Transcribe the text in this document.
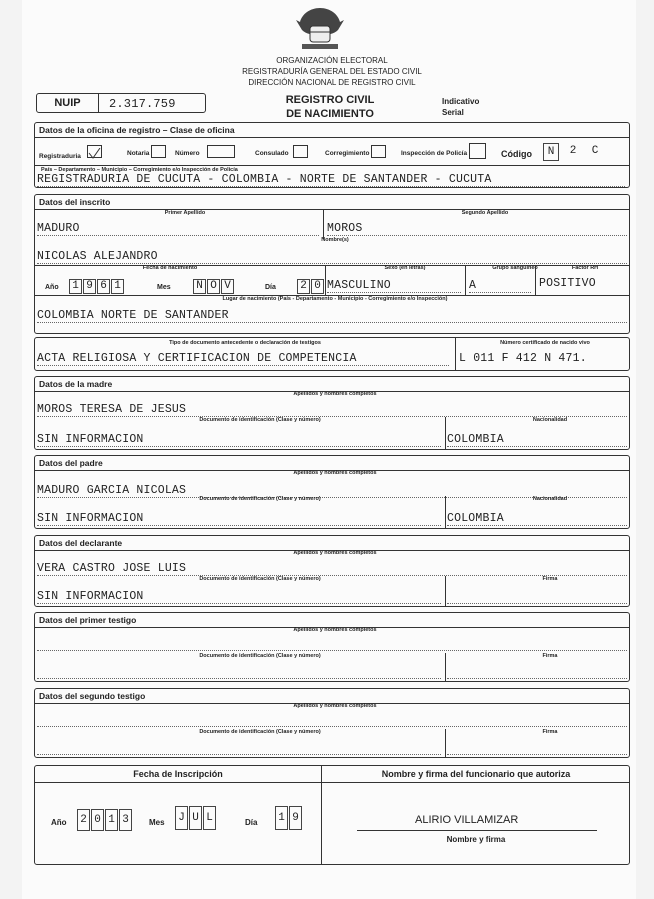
ORGANIZACIÓN ELECTORAL
REGISTRADURÍA GENERAL DEL ESTADO CIVIL
DIRECCIÓN NACIONAL DE REGISTRO CIVIL
REGISTRO CIVIL
DE NACIMIENTO
Indicativo
Serial
NUIP	2.317.759
Datos de la oficina de registro – Clase de oficina
Registraduria	Notaria	Número	Consulado	Corregimiento	Inspección de Policía	Código	N	2	C
País – Departamento – Municipio – Corregimiento e/o Inspección de Policía
REGISTRADURIA DE CUCUTA - COLOMBIA - NORTE DE SANTANDER - CUCUTA
Datos del inscrito
Primer Apellido	Segundo Apellido
MADURO	MOROS
Nombre(s)
NICOLAS ALEJANDRO
Fecha de nacimiento	Sexo (en letras)	Grupo sanguíneo	Factor RH
Año 1 9 6 1	Mes N O V	Día 2 0 MASCULINO	A	POSITIVO
Lugar de nacimiento (País - Departamento - Municipio - Corregimiento e/o Inspección)
COLOMBIA NORTE DE SANTANDER
Tipo de documento antecedente o declaración de testigos	Número certificado de nacido vivo
ACTA RELIGIOSA Y CERTIFICACION DE COMPETENCIA	L 011 F 412 N 471.
Datos de la madre
Apellidos y nombres completos
MOROS TERESA DE JESUS
Documento de identificación (Clase y número)	Nacionalidad
SIN INFORMACION	COLOMBIA
Datos del padre
Apellidos y nombres completos
MADURO GARCIA NICOLAS
Documento de identificación (Clase y número)	Nacionalidad
SIN INFORMACION	COLOMBIA
Datos del declarante
Apellidos y nombres completos
VERA CASTRO JOSE LUIS
Documento de identificación (Clase y número)	Firma
SIN INFORMACION
Datos del primer testigo
Apellidos y nombres completos
Documento de identificación (Clase y número)	Firma
Datos del segundo testigo
Apellidos y nombres completos
Documento de identificación (Clase y número)	Firma
Fecha de Inscripción	Nombre y firma del funcionario que autoriza
Año 2 0 1 3	Mes J U L	Día 1 9	ALIRIO VILLAMIZAR
Nombre y firma
